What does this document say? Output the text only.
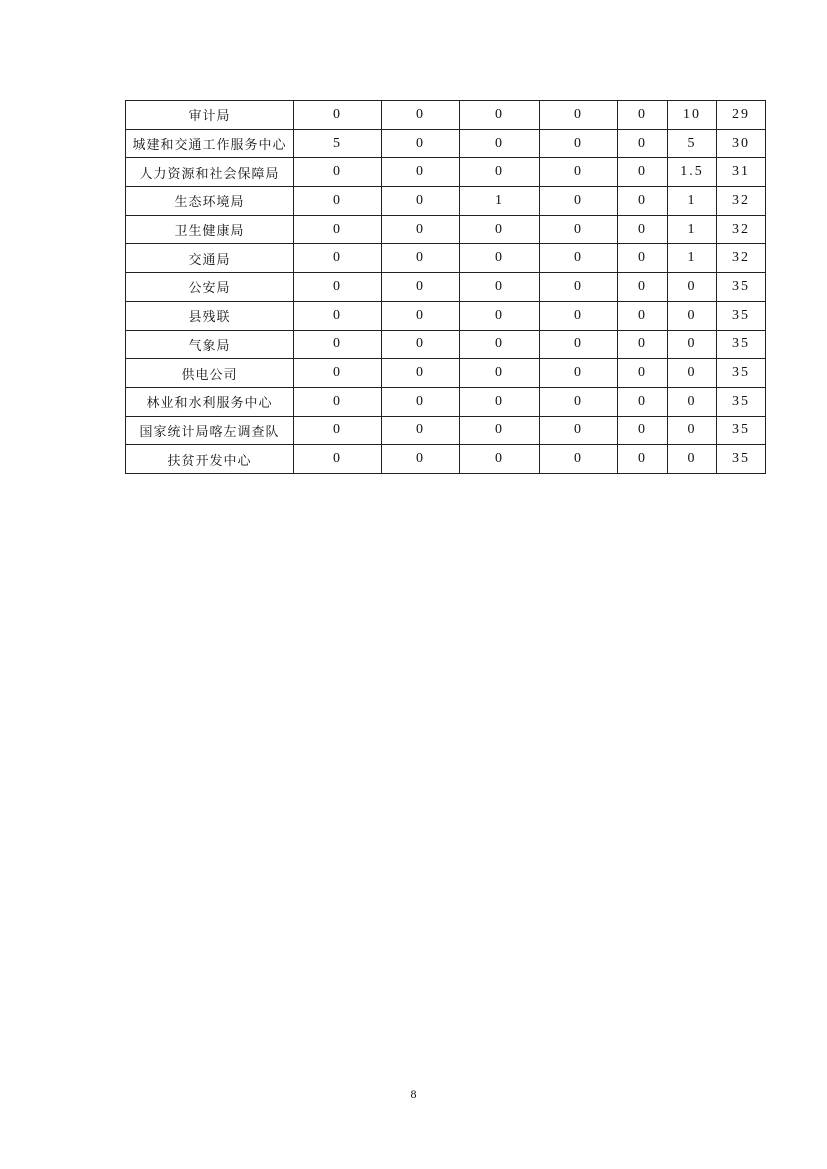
审计局	0	0	0	0	0	10	29
城建和交通工作服务中心	5	0	0	0	0	5	30
人力资源和社会保障局	0	0	0	0	0	1.5	31
生态环境局	0	0	1	0	0	1	32
卫生健康局	0	0	0	0	0	1	32
交通局	0	0	0	0	0	1	32
公安局	0	0	0	0	0	0	35
县残联	0	0	0	0	0	0	35
气象局	0	0	0	0	0	0	35
供电公司	0	0	0	0	0	0	35
林业和水利服务中心	0	0	0	0	0	0	35
国家统计局喀左调查队	0	0	0	0	0	0	35
扶贫开发中心	0	0	0	0	0	0	35
8
